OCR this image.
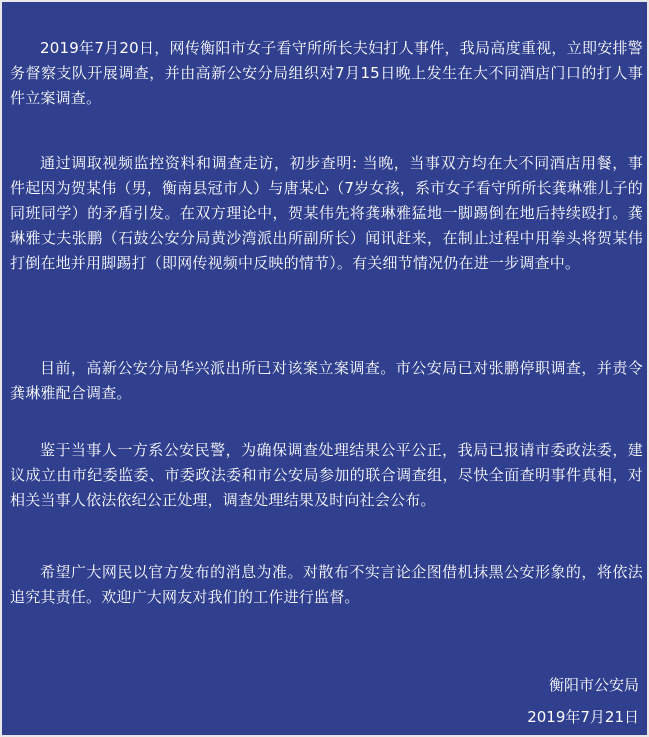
2019年7月20日，网传衡阳市女子看守所所长夫妇打人事件，我局高度重视，立即安排警务督察支队开展调查，并由高新公安分局组织对7月15日晚上发生在大不同酒店门口的打人事件立案调查。

通过调取视频监控资料和调查走访，初步查明: 当晚，当事双方均在大不同酒店用餐，事件起因为贺某伟（男，衡南县冠市人）与唐某心（7岁女孩，系市女子看守所所长龚琳雅儿子的同班同学）的矛盾引发。在双方理论中，贺某伟先将龚琳雅猛地一脚踢倒在地后持续殴打。龚琳雅丈夫张鹏（石鼓公安分局黄沙湾派出所副所长）闻讯赶来，在制止过程中用拳头将贺某伟打倒在地并用脚踢打（即网传视频中反映的情节）。有关细节情况仍在进一步调查中。

目前，高新公安分局华兴派出所已对该案立案调查。市公安局已对张鹏停职调查，并责令龚琳雅配合调查。

鉴于当事人一方系公安民警，为确保调查处理结果公平公正，我局已报请市委政法委，建议成立由市纪委监委、市委政法委和市公安局参加的联合调查组，尽快全面查明事件真相，对相关当事人依法依纪公正处理，调查处理结果及时向社会公布。

希望广大网民以官方发布的消息为准。对散布不实言论企图借机抹黑公安形象的，将依法追究其责任。欢迎广大网友对我们的工作进行监督。

衡阳市公安局
2019年7月21日
